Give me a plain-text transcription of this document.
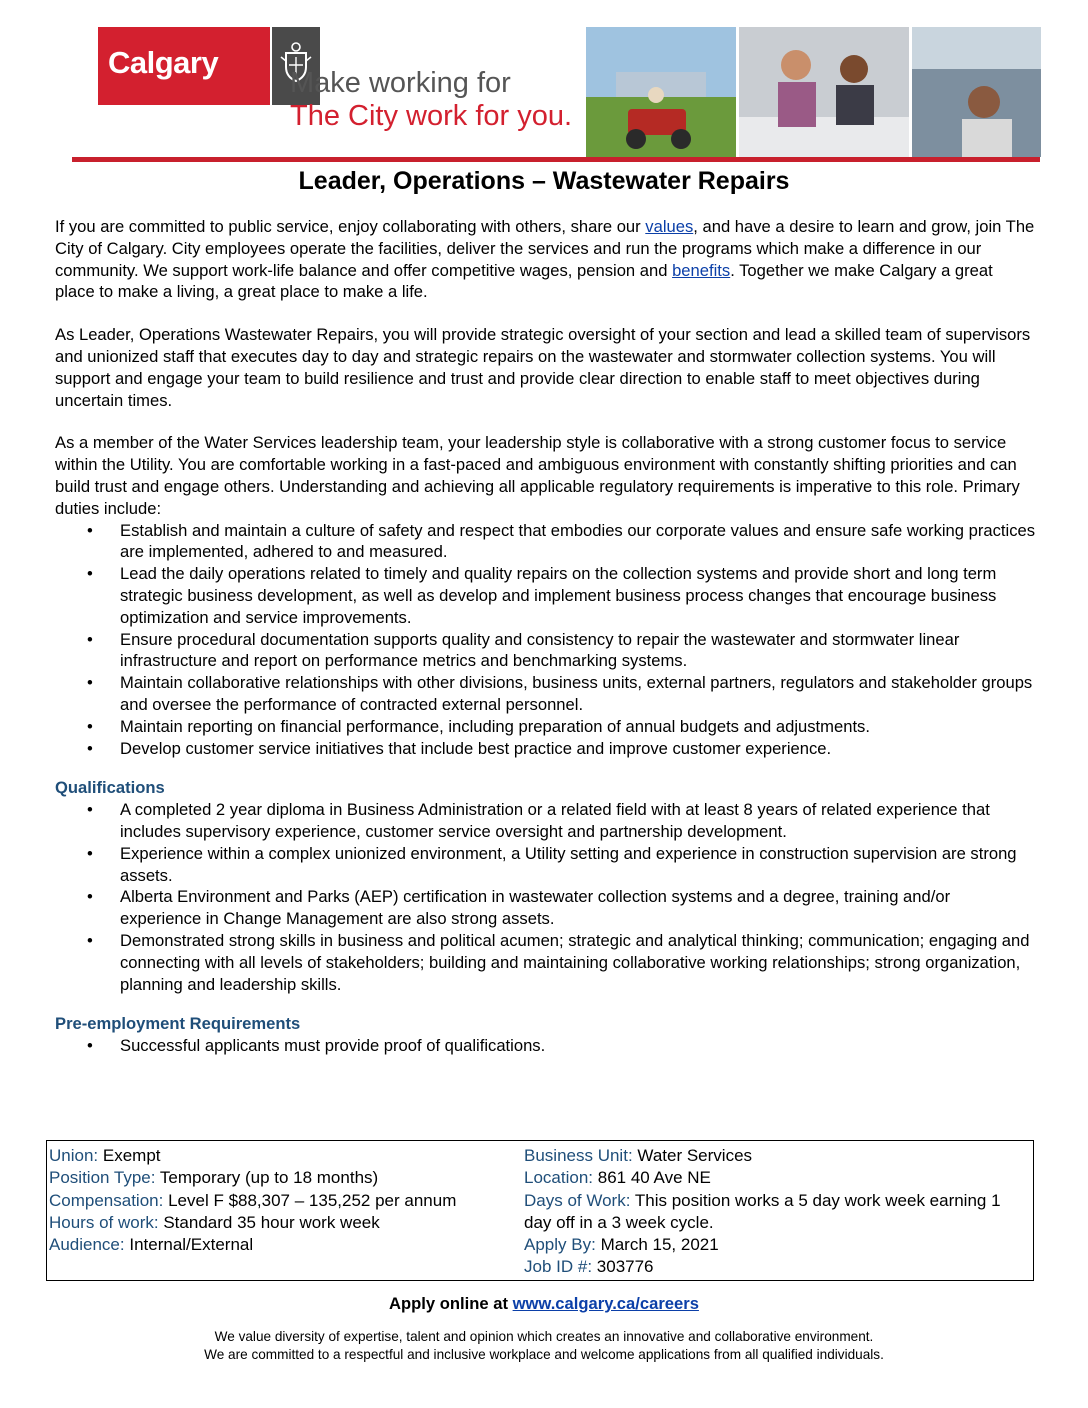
Calgary
Make working for
The City work for you.
Leader, Operations – Wastewater Repairs

If you are committed to public service, enjoy collaborating with others, share our values, and have a desire to learn and grow, join The City of Calgary. City employees operate the facilities, deliver the services and run the programs which make a difference in our community. We support work-life balance and offer competitive wages, pension and benefits. Together we make Calgary a great place to make a living, a great place to make a life.

As Leader, Operations Wastewater Repairs, you will provide strategic oversight of your section and lead a skilled team of supervisors and unionized staff that executes day to day and strategic repairs on the wastewater and stormwater collection systems. You will support and engage your team to build resilience and trust and provide clear direction to enable staff to meet objectives during uncertain times.

As a member of the Water Services leadership team, your leadership style is collaborative with a strong customer focus to service within the Utility. You are comfortable working in a fast-paced and ambiguous environment with constantly shifting priorities and can build trust and engage others. Understanding and achieving all applicable regulatory requirements is imperative to this role. Primary duties include:

• Establish and maintain a culture of safety and respect that embodies our corporate values and ensure safe working practices are implemented, adhered to and measured.
• Lead the daily operations related to timely and quality repairs on the collection systems and provide short and long term strategic business development, as well as develop and implement business process changes that encourage business optimization and service improvements.
• Ensure procedural documentation supports quality and consistency to repair the wastewater and stormwater linear infrastructure and report on performance metrics and benchmarking systems.
• Maintain collaborative relationships with other divisions, business units, external partners, regulators and stakeholder groups and oversee the performance of contracted external personnel.
• Maintain reporting on financial performance, including preparation of annual budgets and adjustments.
• Develop customer service initiatives that include best practice and improve customer experience.
Qualifications
• A completed 2 year diploma in Business Administration or a related field with at least 8 years of related experience that includes supervisory experience, customer service oversight and partnership development.
• Experience within a complex unionized environment, a Utility setting and experience in construction supervision are strong assets.
• Alberta Environment and Parks (AEP) certification in wastewater collection systems and a degree, training and/or experience in Change Management are also strong assets.
• Demonstrated strong skills in business and political acumen; strategic and analytical thinking; communication; engaging and connecting with all levels of stakeholders; building and maintaining collaborative working relationships; strong organization, planning and leadership skills.
Pre-employment Requirements
• Successful applicants must provide proof of qualifications.
Union: Exempt
Position Type: Temporary (up to 18 months)
Compensation: Level F $88,307 – 135,252 per annum
Hours of work: Standard 35 hour work week
Audience: Internal/External
Business Unit: Water Services
Location: 861 40 Ave NE
Days of Work: This position works a 5 day work week earning 1 day off in a 3 week cycle.
Apply By: March 15, 2021
Job ID #: 303776
Apply online at www.calgary.ca/careers
We value diversity of expertise, talent and opinion which creates an innovative and collaborative environment.
We are committed to a respectful and inclusive workplace and welcome applications from all qualified individuals.
